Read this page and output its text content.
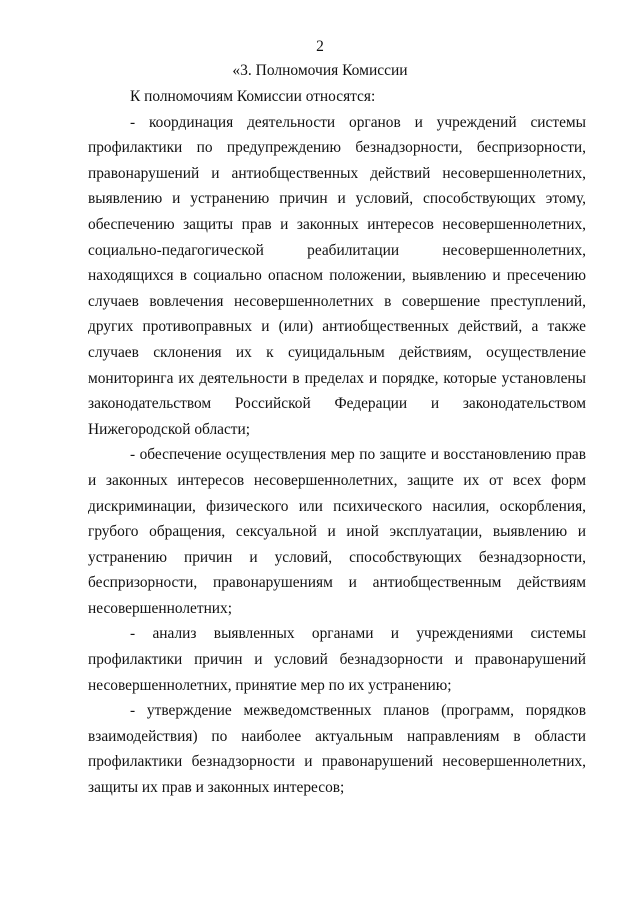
2
«3. Полномочия Комиссии

К полномочиям Комиссии относятся:

- координация деятельности органов и учреждений системы профилактики по предупреждению безнадзорности, беспризорности, правонарушений и антиобщественных действий несовершеннолетних, выявлению и устранению причин и условий, способствующих этому, обеспечению защиты прав и законных интересов несовершеннолетних, социально-педагогической реабилитации несовершеннолетних, находящихся в социально опасном положении, выявлению и пресечению случаев вовлечения несовершеннолетних в совершение преступлений, других противоправных и (или) антиобщественных действий, а также случаев склонения их к суицидальным действиям, осуществление мониторинга их деятельности в пределах и порядке, которые установлены законодательством Российской Федерации и законодательством Нижегородской области;

- обеспечение осуществления мер по защите и восстановлению прав и законных интересов несовершеннолетних, защите их от всех форм дискриминации, физического или психического насилия, оскорбления, грубого обращения, сексуальной и иной эксплуатации, выявлению и устранению причин и условий, способствующих безнадзорности, беспризорности, правонарушениям и антиобщественным действиям несовершеннолетних;

- анализ выявленных органами и учреждениями системы профилактики причин и условий безнадзорности и правонарушений несовершеннолетних, принятие мер по их устранению;

- утверждение межведомственных планов (программ, порядков взаимодействия) по наиболее актуальным направлениям в области профилактики безнадзорности и правонарушений несовершеннолетних, защиты их прав и законных интересов;
